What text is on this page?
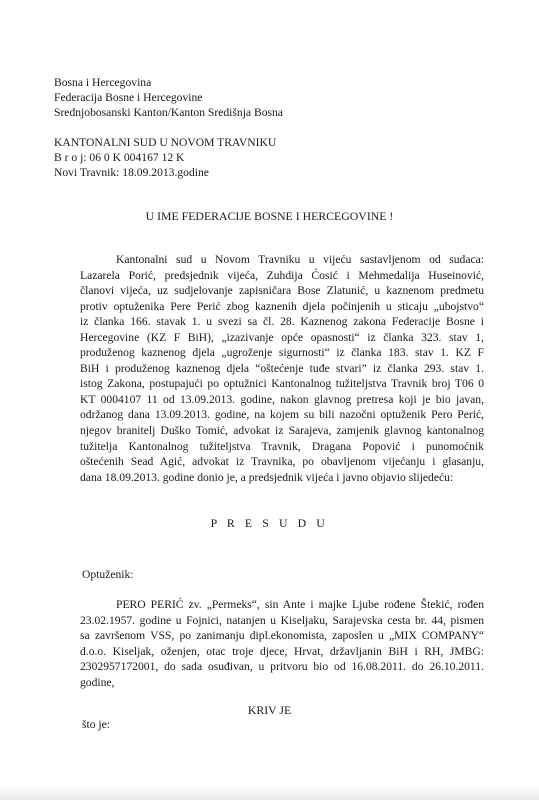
Bosna i Hercegovina
Federacija Bosne i Hercegovine
Srednjobosanski Kanton/Kanton Središnja Bosna
KANTONALNI SUD U NOVOM TRAVNIKU
B r o j: 06 0 K 004167 12 K
Novi Travnik: 18.09.2013.godine
U IME FEDERACIJE BOSNE I HERCEGOVINE !
Kantonalni sud u Novom Travniku u vijeću sastavljenom od sudaca:
Lazarela Porić, predsjednik vijeća, Zuhdija Ćosić i Mehmedalija Huseinović,
članovi vijeća, uz sudjelovanje zapisničara Bose Zlatunić, u kaznenom predmetu
protiv optuženika Pere Perić zbog kaznenih djela počinjenih u sticaju „ubojstvo“
iz članka 166. stavak 1. u svezi sa čl. 28. Kaznenog zakona Federacije Bosne i
Hercegovine (KZ F BiH), „izazivanje opće opasnosti“ iz članka 323. stav 1,
produženog kaznenog djela „ugroženje sigurnosti“ iz članka 183. stav 1. KZ F
BiH i produženog kaznenog djela “oštećenje tuđe stvari” iz članka 293. stav 1.
istog Zakona, postupajući po optužnici Kantonalnog tužiteljstva Travnik broj T06 0
KT 0004107 11 od 13.09.2013. godine, nakon glavnog pretresa koji je bio javan,
održanog dana 13.09.2013. godine, na kojem su bili nazočni optuženik Pero Perić,
njegov branitelj Duško Tomić, advokat iz Sarajeva, zamjenik glavnog kantonalnog
tužitelja Kantonalnog tužiteljstva Travnik, Dragana Popović i punomoćnik
oštećenih Sead Agić, advokat iz Travnika, po obavljenom vijećanju i glasanju,
dana 18.09.2013. godine donio je, a predsjednik vijeća i javno objavio slijedeću:
P R E S U D U
Optuženik:
PERO PERIĆ zv. „Permeks“, sin Ante i majke Ljube rođene Štekić, rođen
23.02.1957. godine u Fojnici, natanjen u Kiseljaku, Sarajevska cesta br. 44, pismen
sa završenom VSS, po zanimanju dipl.ekonomista, zaposlen u „MIX COMPANY“
d.o.o. Kiseljak, oženjen, otac troje djece, Hrvat, državljanin BiH i RH, JMBG:
2302957172001, do sada osuđivan, u pritvoru bio od 16.08.2011. do 26.10.2011.
godine,
KRIV JE
što je:
